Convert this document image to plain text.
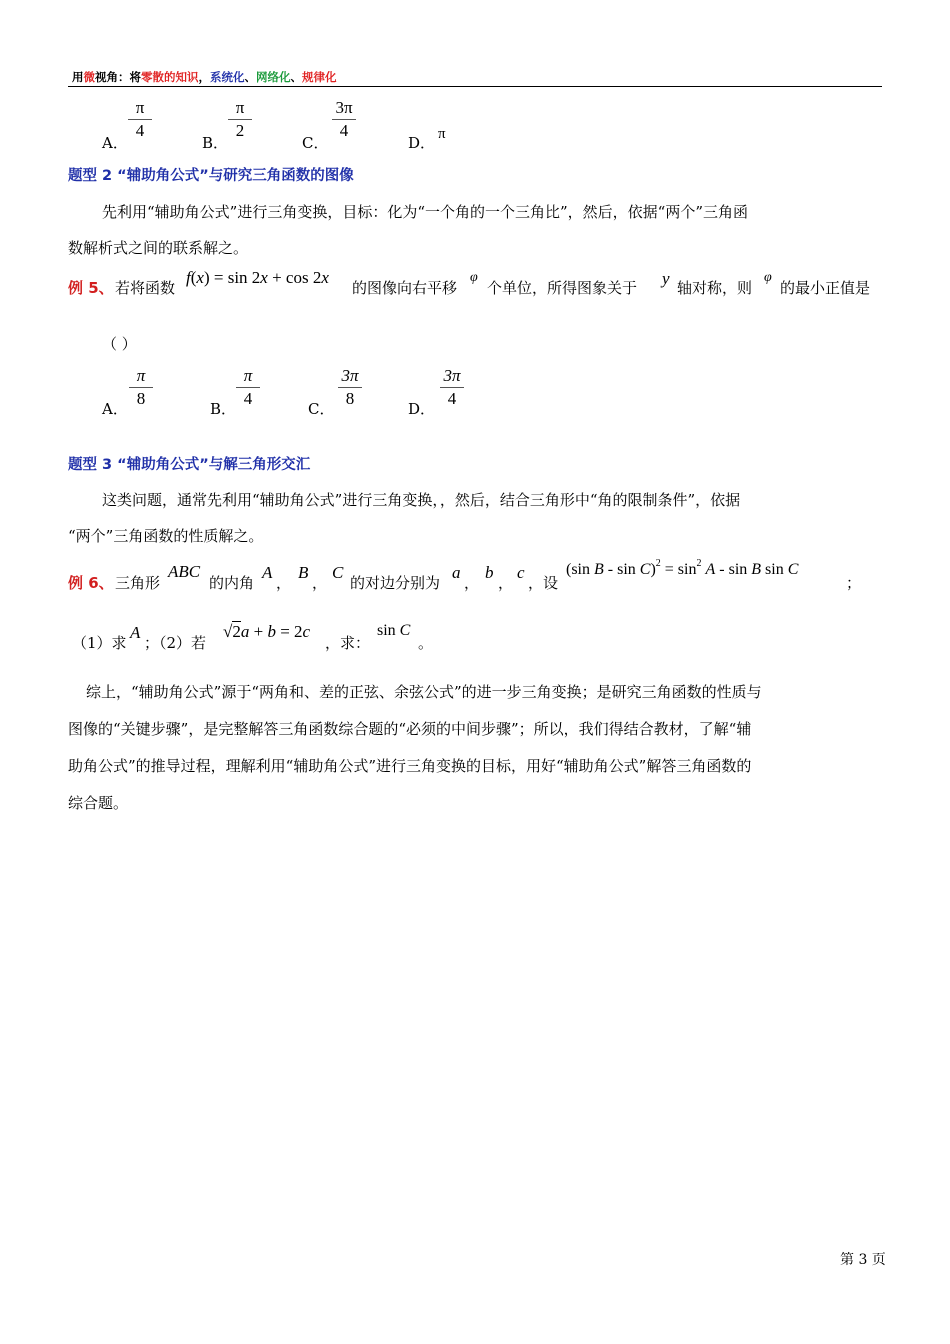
用微视角：将零散的知识，系统化、网络化、规律化
A．
π
4
B．
π
2
C．
3π
4
D． π
题型 2 “辅助角公式”与研究三角函数的图像
先利用“辅助角公式”进行三角变换，目标：化为“一个角的一个三角比”，然后，依据“两个”三角函
数解析式之间的联系解之。
例 5、 若将函数
f(x) = sin 2x + cos 2x
的图像向右平移
φ
个单位，所得图象关于 y 轴对称，则
φ
的最小正值是
（ ）
A．
π
8
B．
π
4
C．
3π
8
D．
3π
4
题型 3 “辅助角公式”与解三角形交汇
这类问题，通常先利用“辅助角公式”进行三角变换，，然后，结合三角形中“角的限制条件”，依据
“两个”三角函数的性质解之。
例 6、 三角形
ABC
的内角
A
，
B
，
C
的对边分别为
a
，
b
，
c
，设
(sin $B - \sin C)^2 = \sin^2 A - \sin B$ sin C
；
（1）求
A
；（2）若
√2a + b = 2c
，求：
sin C
。
综上，“辅助角公式”源于“两角和、差的正弦、余弦公式”的进一步三角变换；是研究三角函数的性质与
图像的“关键步骤”，是完整解答三角函数综合题的“必须的中间步骤”；所以，我们得结合教材，了解“辅
助角公式”的推导过程，理解利用“辅助角公式”进行三角变换的目标，用好“辅助角公式”解答三角函数的
综合题。
第 3 页
